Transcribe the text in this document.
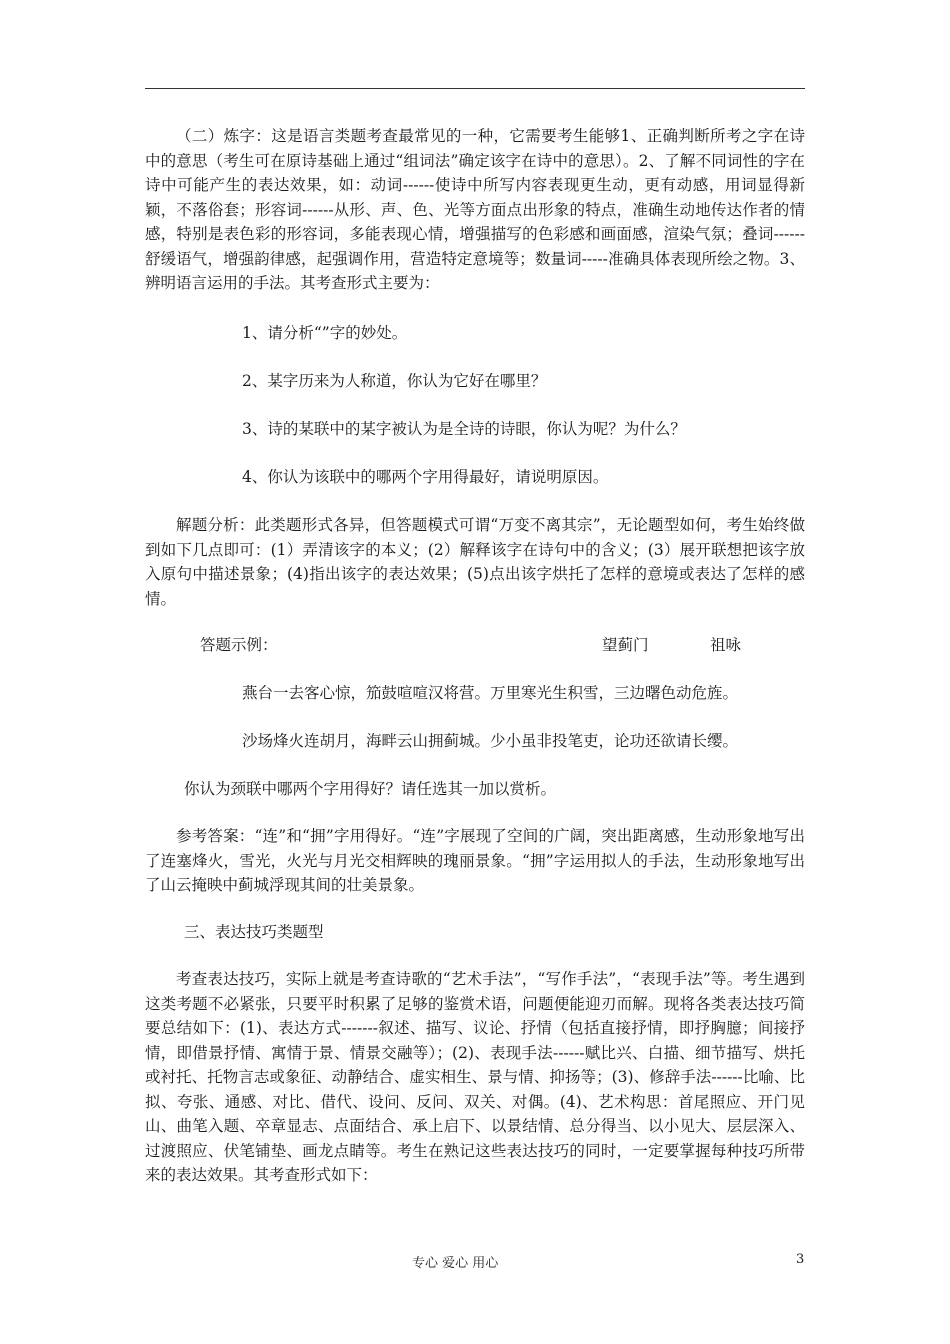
（二）炼字：这是语言类题考查最常见的一种，它需要考生能够1、正确判断所考之字在诗中的意思（考生可在原诗基础上通过“组词法”确定该字在诗中的意思）。2、了解不同词性的字在诗中可能产生的表达效果，如：动词------使诗中所写内容表现更生动，更有动感，用词显得新颖，不落俗套；形容词------从形、声、色、光等方面点出形象的特点，准确生动地传达作者的情感，特别是表色彩的形容词，多能表现心情，增强描写的色彩感和画面感，渲染气氛；叠词------舒缓语气，增强韵律感，起强调作用，营造特定意境等；数量词-----准确具体表现所绘之物。3、辨明语言运用的手法。其考查形式主要为：
1、请分析“”字的妙处。
2、某字历来为人称道，你认为它好在哪里？
3、诗的某联中的某字被认为是全诗的诗眼，你认为呢？为什么？
4、你认为该联中的哪两个字用得最好，请说明原因。
解题分析：此类题形式各异，但答题模式可谓“万变不离其宗”，无论题型如何，考生始终做到如下几点即可：(1）弄清该字的本义；(2）解释该字在诗句中的含义；(3）展开联想把该字放入原句中描述景象；(4)指出该字的表达效果；(5)点出该字烘托了怎样的意境或表达了怎样的感情。
答题示例：	望蓟门	祖咏
燕台一去客心惊，笳鼓喧喧汉将营。万里寒光生积雪，三边曙色动危旌。
沙场烽火连胡月，海畔云山拥蓟城。少小虽非投笔吏，论功还欲请长缨。
你认为颈联中哪两个字用得好？请任选其一加以赏析。
参考答案：“连”和“拥”字用得好。“连”字展现了空间的广阔，突出距离感，生动形象地写出了连塞烽火，雪光，火光与月光交相辉映的瑰丽景象。“拥”字运用拟人的手法，生动形象地写出了山云掩映中蓟城浮现其间的壮美景象。
三、表达技巧类题型
考查表达技巧，实际上就是考查诗歌的“艺术手法”，“写作手法”，“表现手法”等。考生遇到这类考题不必紧张，只要平时积累了足够的鉴赏术语，问题便能迎刃而解。现将各类表达技巧简要总结如下：(1)、表达方式-------叙述、描写、议论、抒情（包括直接抒情，即抒胸臆；间接抒情，即借景抒情、寓情于景、情景交融等）；(2)、表现手法------赋比兴、白描、细节描写、烘托或衬托、托物言志或象征、动静结合、虚实相生、景与情、抑扬等；(3)、修辞手法------比喻、比拟、夸张、通感、对比、借代、设问、反问、双关、对偶。(4)、艺术构思：首尾照应、开门见山、曲笔入题、卒章显志、点面结合、承上启下、以景结情、总分得当、以小见大、层层深入、过渡照应、伏笔铺垫、画龙点睛等。考生在熟记这些表达技巧的同时，一定要掌握每种技巧所带来的表达效果。其考查形式如下：
专心 爱心 用心	3
